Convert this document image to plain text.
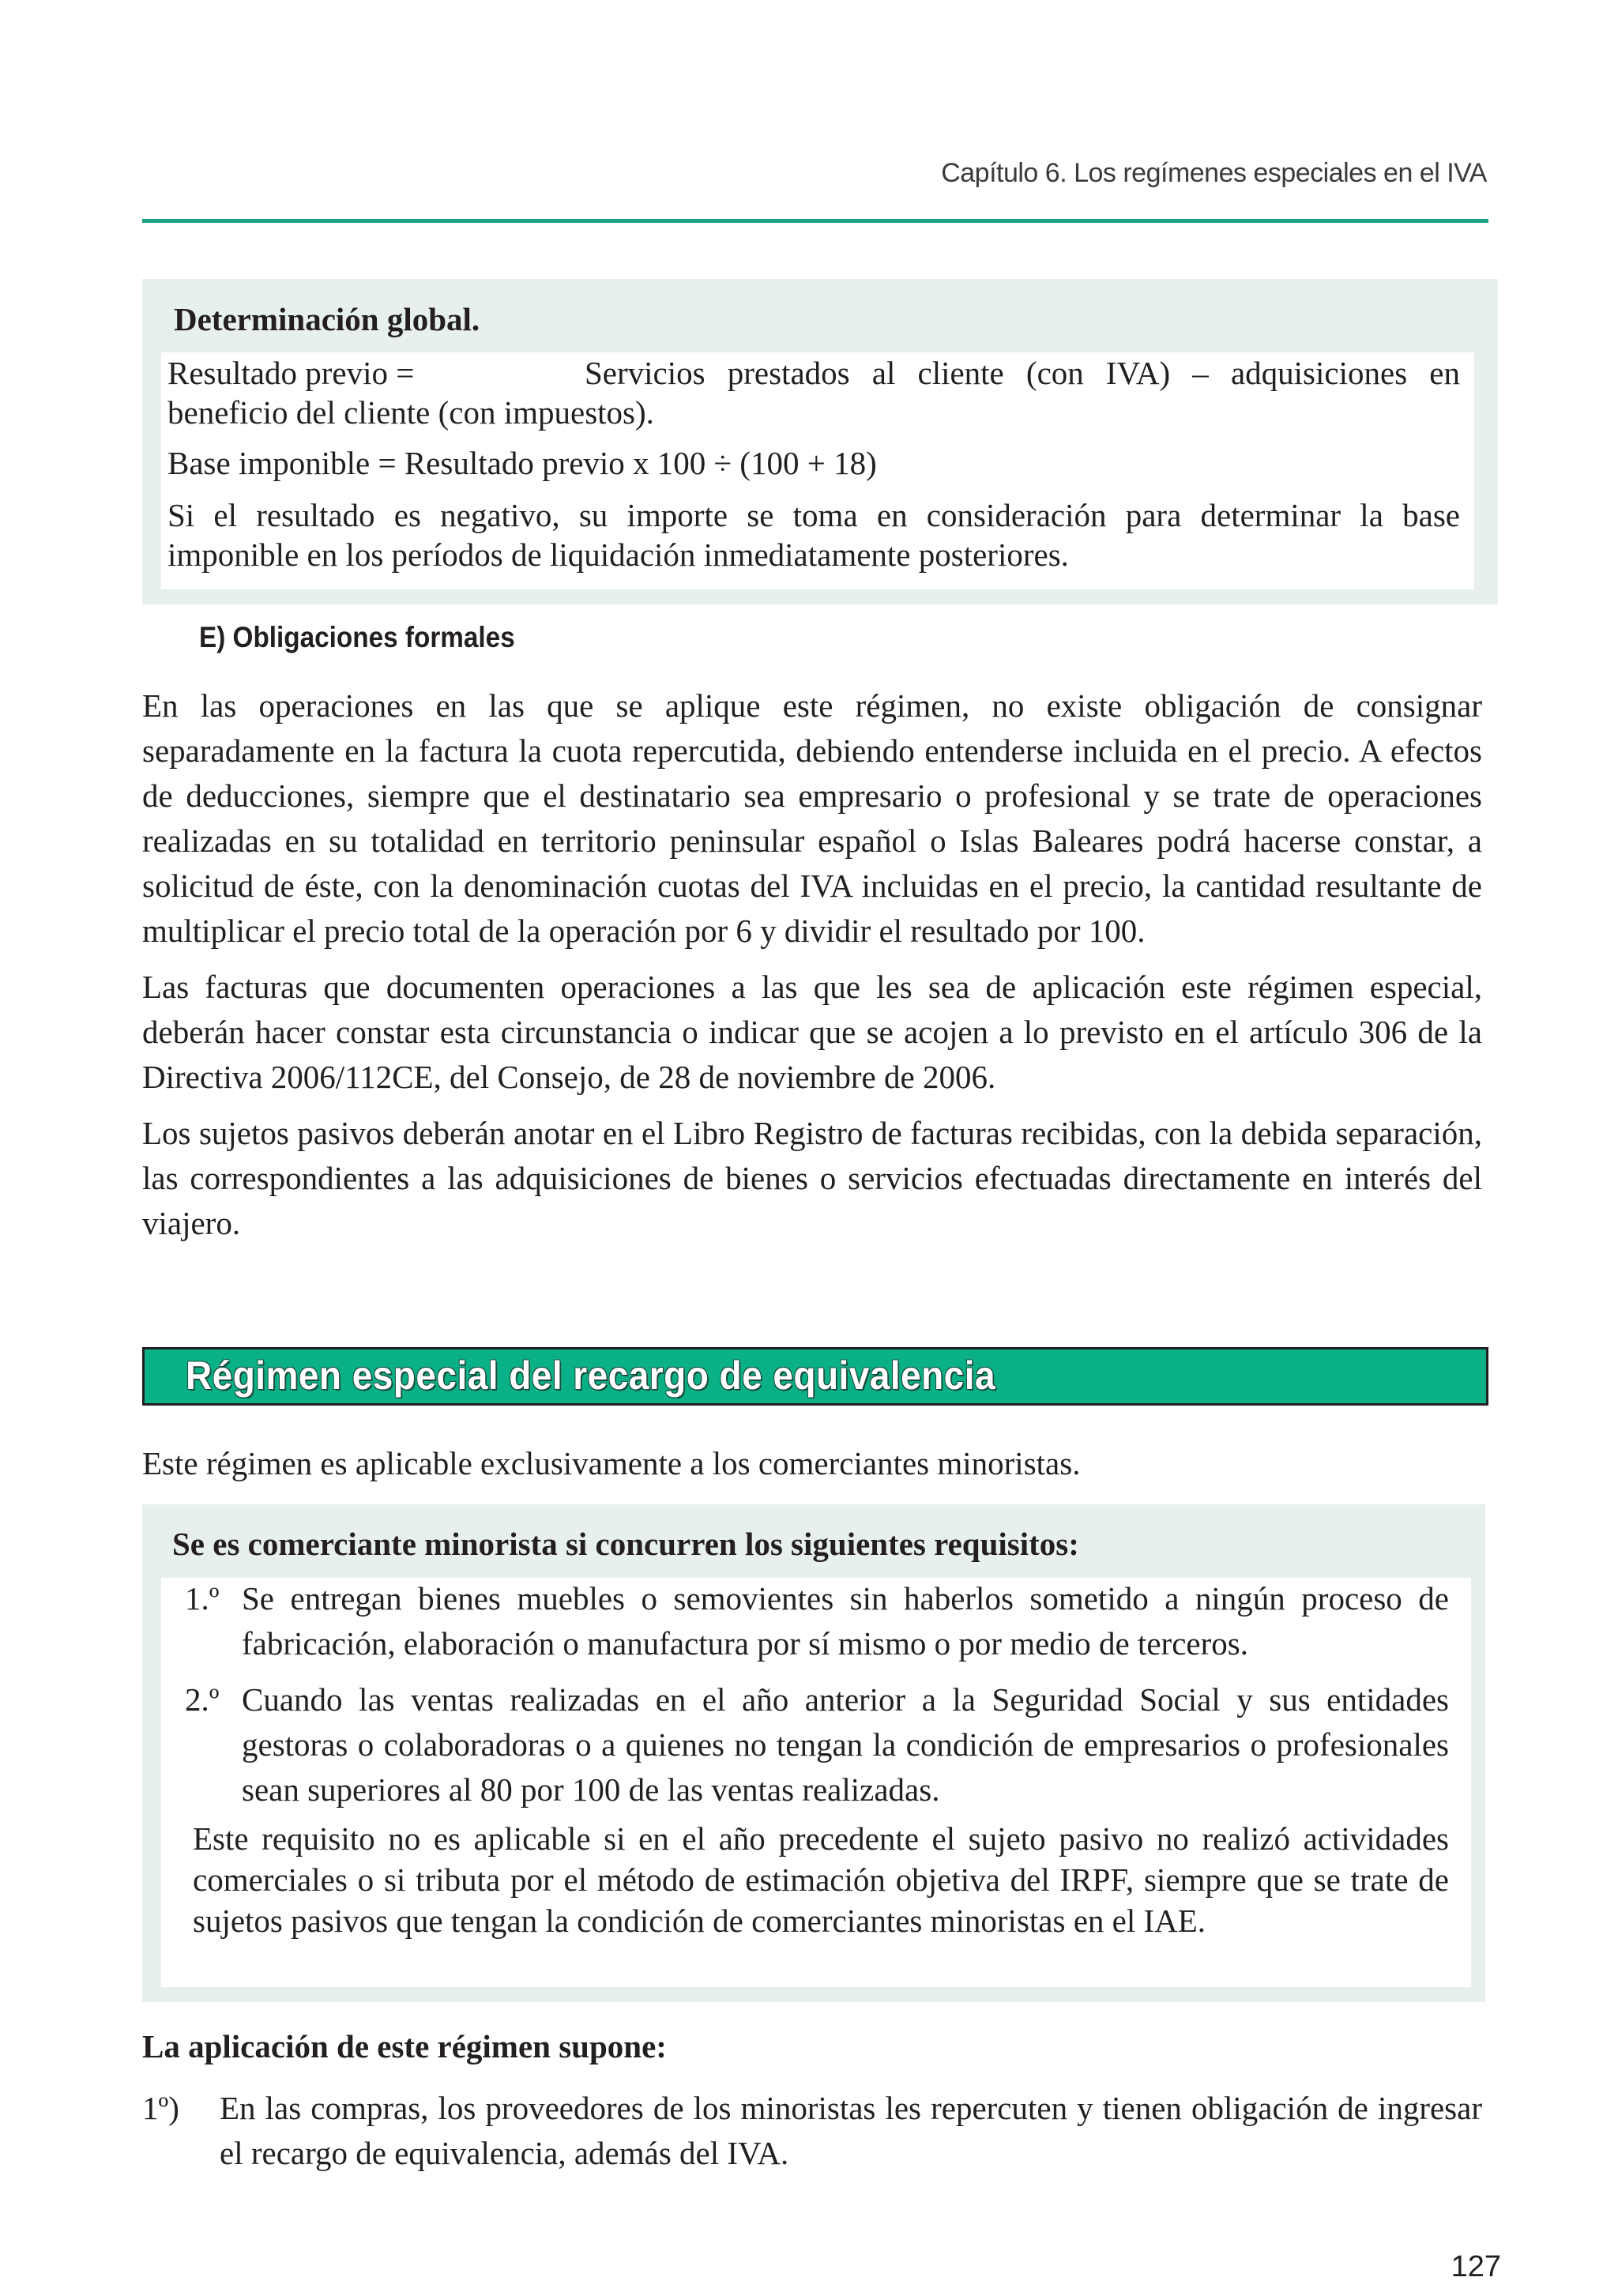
Capítulo 6. Los regímenes especiales en el IVA
Determinación global.
Resultado previo =	Servicios prestados al cliente (con IVA) – adquisiciones en
beneficio del cliente (con impuestos).
Base imponible = Resultado previo x 100 ÷ (100 + 18)
Si el resultado es negativo, su importe se toma en consideración para determinar la base
imponible en los períodos de liquidación inmediatamente posteriores.
E) Obligaciones formales

En las operaciones en las que se aplique este régimen, no existe obligación de consignar separadamente en la factura la cuota repercutida, debiendo entenderse incluida en el precio. A efectos de deducciones, siempre que el destinatario sea empresario o profesional y se trate de operaciones realizadas en su totalidad en territorio peninsular español o Islas Baleares podrá hacerse constar, a solicitud de éste, con la denominación cuotas del IVA incluidas en el precio, la cantidad resultante de multiplicar el precio total de la operación por 6 y dividir el resultado por 100.

Las facturas que documenten operaciones a las que les sea de aplicación este régimen especial, deberán hacer constar esta circunstancia o indicar que se acojen a lo previsto en el artículo 306 de la Directiva 2006/112CE, del Consejo, de 28 de noviembre de 2006.

Los sujetos pasivos deberán anotar en el Libro Registro de facturas recibidas, con la debida separación, las correspondientes a las adquisiciones de bienes o servicios efectuadas directamente en interés del viajero.

Régimen especial del recargo de equivalencia
Este régimen es aplicable exclusivamente a los comerciantes minoristas.
Se es comerciante minorista si concurren los siguientes requisitos:
1.º Se entregan bienes muebles o semovientes sin haberlos sometido a ningún proceso de fabricación, elaboración o manufactura por sí mismo o por medio de terceros.
2.º Cuando las ventas realizadas en el año anterior a la Seguridad Social y sus entidades gestoras o colaboradoras o a quienes no tengan la condición de empresarios o profesionales sean superiores al 80 por 100 de las ventas realizadas.

Este requisito no es aplicable si en el año precedente el sujeto pasivo no realizó actividades comerciales o si tributa por el método de estimación objetiva del IRPF, siempre que se trate de sujetos pasivos que tengan la condición de comerciantes minoristas en el IAE.

La aplicación de este régimen supone:
1º)	En las compras, los proveedores de los minoristas les repercuten y tienen obligación de ingresar el recargo de equivalencia, además del IVA.
127
